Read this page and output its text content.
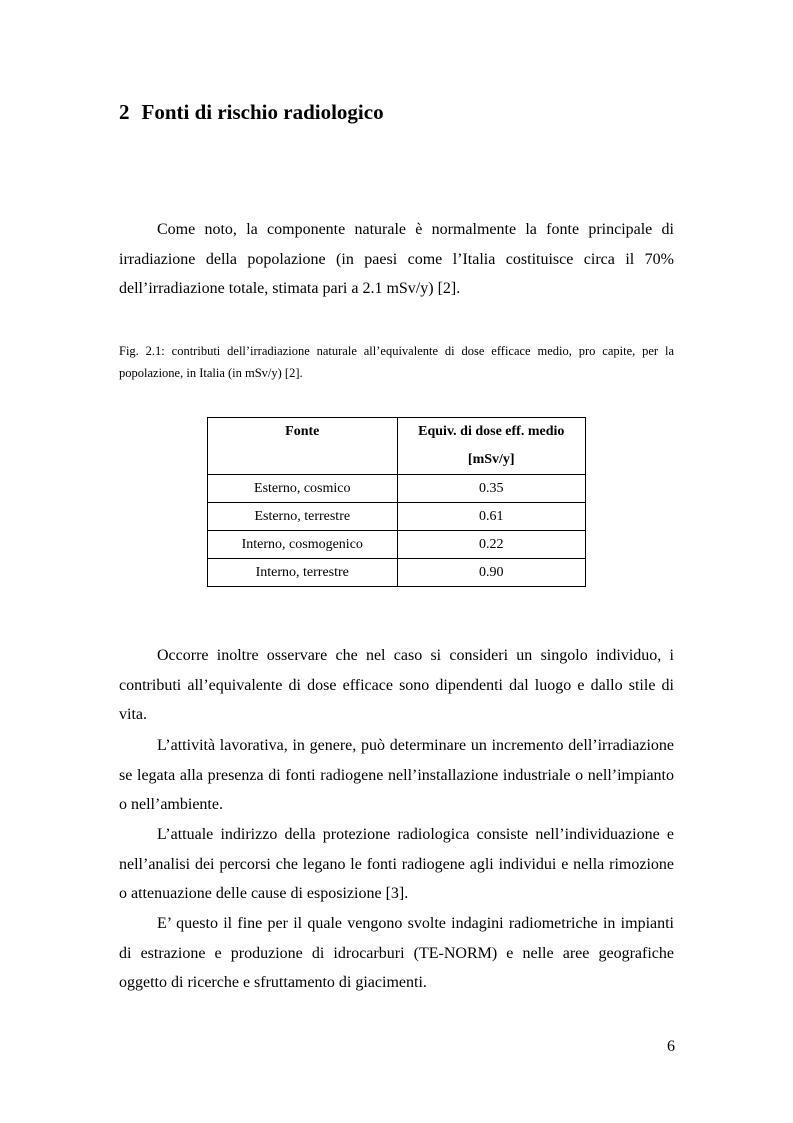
2 Fonti di rischio radiologico

Come noto, la componente naturale è normalmente la fonte principale di irradiazione della popolazione (in paesi come l’Italia costituisce circa il 70% dell’irradiazione totale, stimata pari a 2.1 mSv/y) [2].

Fig. 2.1: contributi dell’irradiazione naturale all’equivalente di dose efficace medio, pro capite, per la popolazione, in Italia (in mSv/y) [2].

Fonte	Equiv. di dose eff. medio [mSv/y]
Esterno, cosmico	0.35
Esterno, terrestre	0.61
Interno, cosmogenico	0.22
Interno, terrestre	0.90

Occorre inoltre osservare che nel caso si consideri un singolo individuo, i contributi all’equivalente di dose efficace sono dipendenti dal luogo e dallo stile di vita.

L’attività lavorativa, in genere, può determinare un incremento dell’irradiazione se legata alla presenza di fonti radiogene nell’installazione industriale o nell’impianto o nell’ambiente.

L’attuale indirizzo della protezione radiologica consiste nell’individuazione e nell’analisi dei percorsi che legano le fonti radiogene agli individui e nella rimozione o attenuazione delle cause di esposizione [3].

E’ questo il fine per il quale vengono svolte indagini radiometriche in impianti di estrazione e produzione di idrocarburi (TE-NORM) e nelle aree geografiche oggetto di ricerche e sfruttamento di giacimenti.

6
